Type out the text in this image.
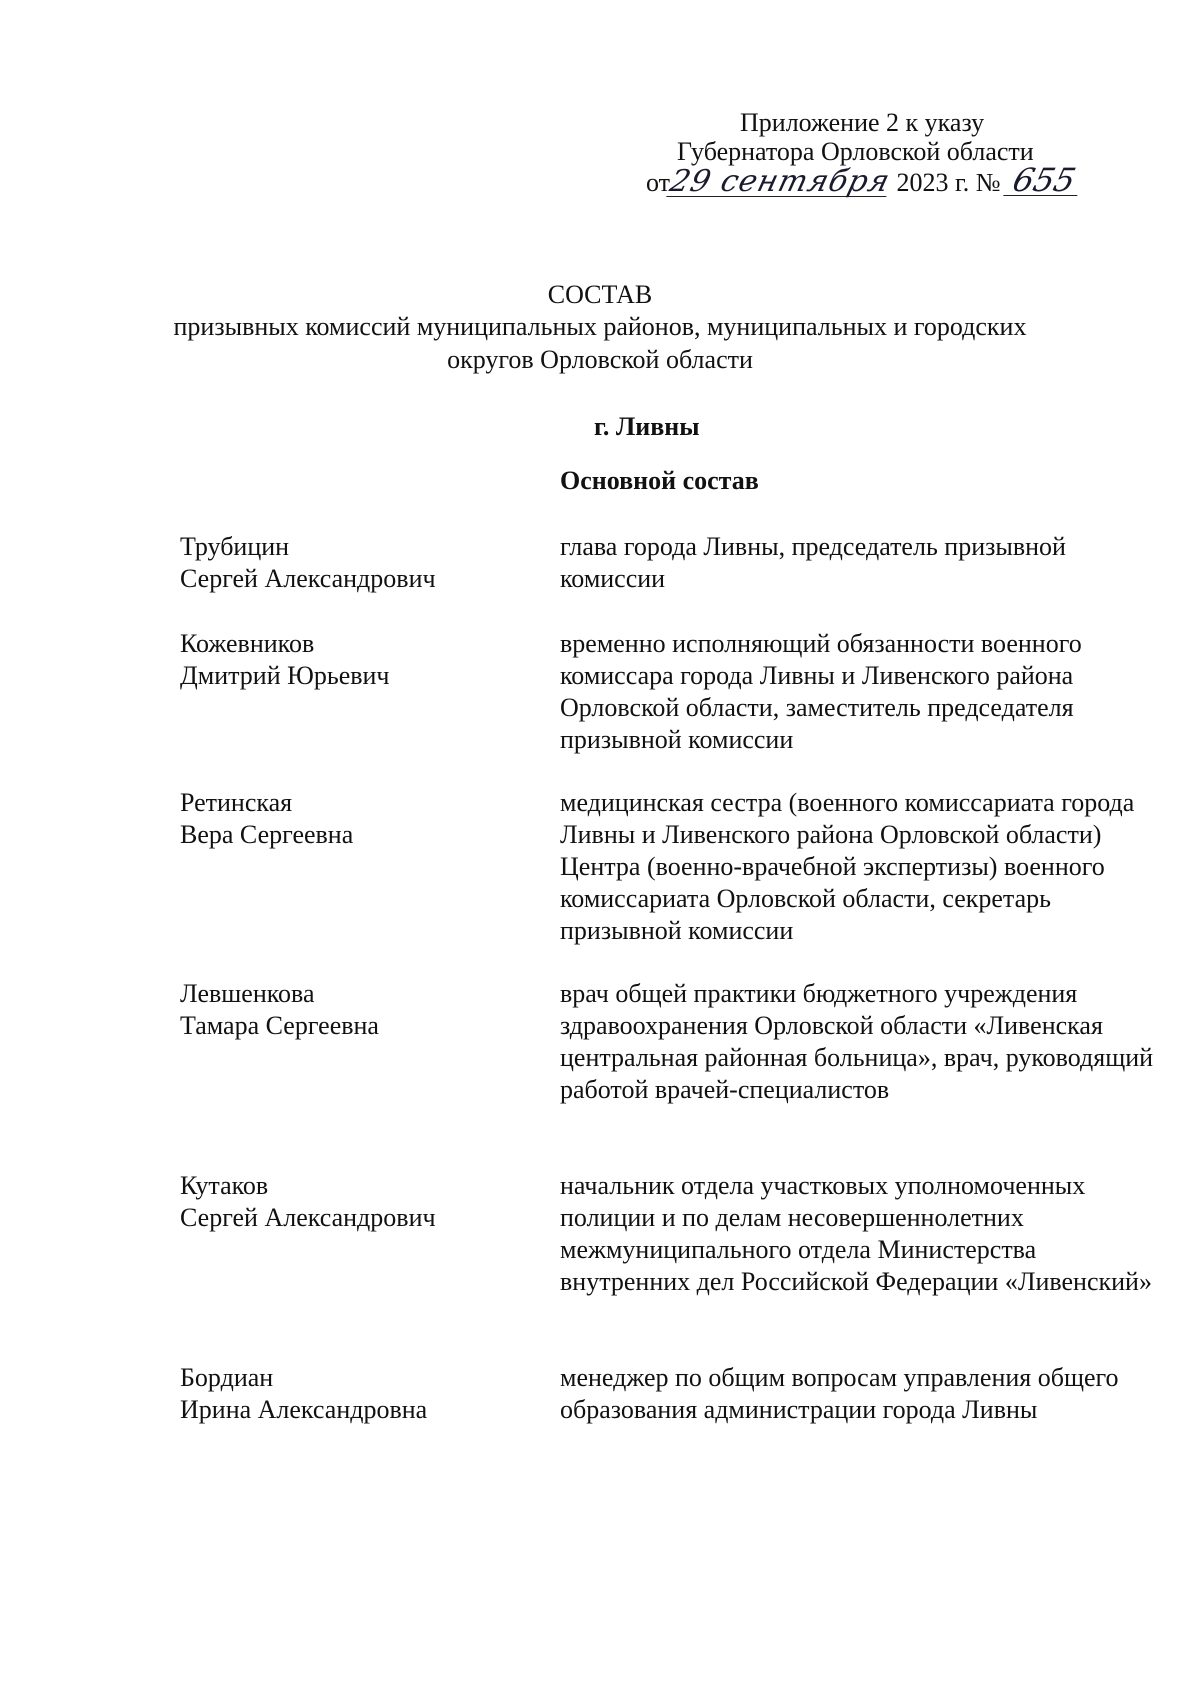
Приложение 2 к указу
Губернатора Орловской области
от29 сентября 2023 г. № 655
СОСТАВ
призывных комиссий муниципальных районов, муниципальных и городских
округов Орловской области
г. Ливны
Основной состав
Трубицин
Сергей Александрович
глава города Ливны, председатель призывной комиссии
Кожевников
Дмитрий Юрьевич
временно исполняющий обязанности военного комиссара города Ливны и Ливенского района Орловской области, заместитель председателя призывной комиссии
Ретинская
Вера Сергеевна
медицинская сестра (военного комиссариата города Ливны и Ливенского района Орловской области) Центра (военно-врачебной экспертизы) военного комиссариата Орловской области, секретарь призывной комиссии
Левшенкова
Тамара Сергеевна
врач общей практики бюджетного учреждения здравоохранения Орловской области «Ливенская центральная районная больница», врач, руководящий работой врачей-специалистов
Кутаков
Сергей Александрович
начальник отдела участковых уполномоченных полиции и по делам несовершеннолетних межмуниципального отдела Министерства внутренних дел Российской Федерации «Ливенский»
Бордиан
Ирина Александровна
менеджер по общим вопросам управления общего образования администрации города Ливны
